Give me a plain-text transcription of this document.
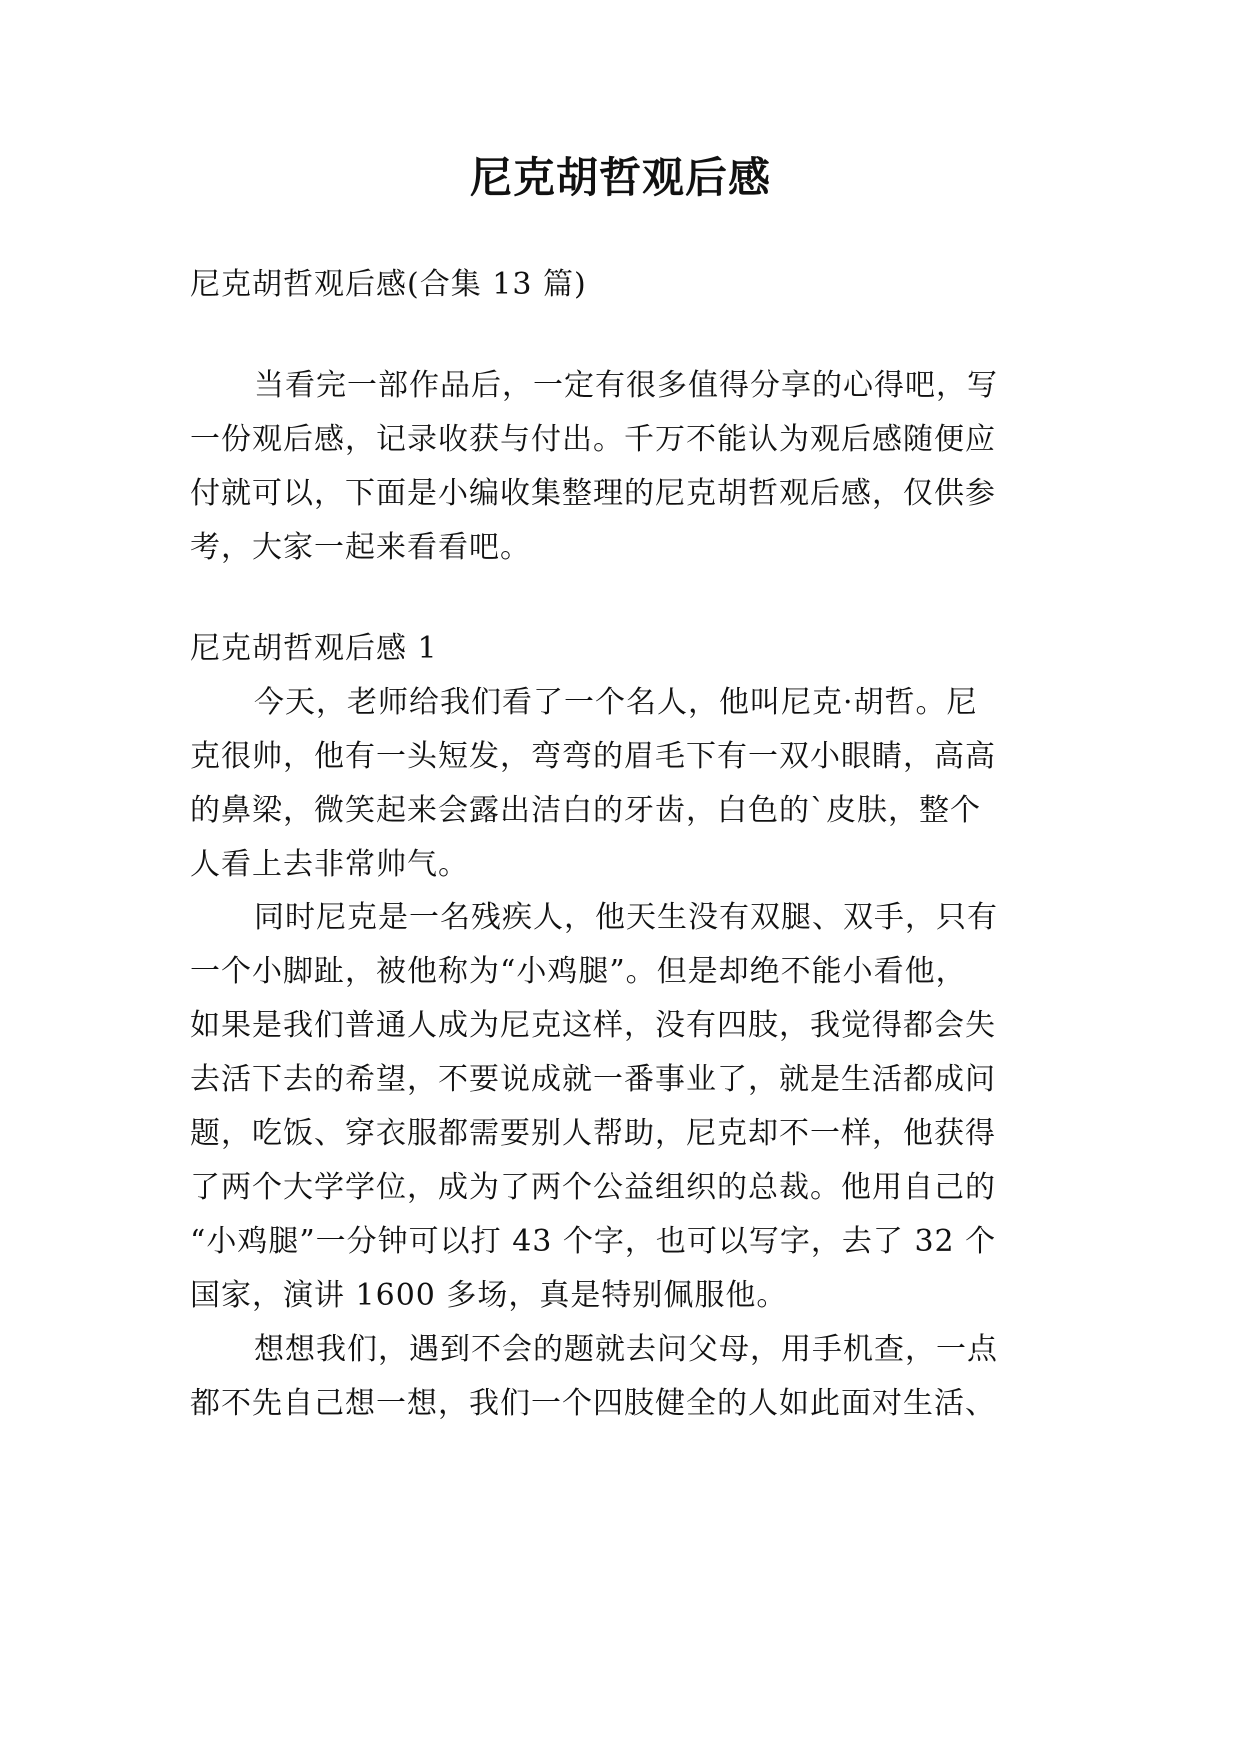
尼克胡哲观后感
尼克胡哲观后感(合集 13 篇)
当看完一部作品后，一定有很多值得分享的心得吧，写
一份观后感，记录收获与付出。千万不能认为观后感随便应
付就可以，下面是小编收集整理的尼克胡哲观后感，仅供参
考，大家一起来看看吧。
尼克胡哲观后感 1
今天，老师给我们看了一个名人，他叫尼克·胡哲。尼
克很帅，他有一头短发，弯弯的眉毛下有一双小眼睛，高高
的鼻梁，微笑起来会露出洁白的牙齿，白色的`皮肤，整个
人看上去非常帅气。
同时尼克是一名残疾人，他天生没有双腿、双手，只有
一个小脚趾，被他称为“小鸡腿”。但是却绝不能小看他，
如果是我们普通人成为尼克这样，没有四肢，我觉得都会失
去活下去的希望，不要说成就一番事业了，就是生活都成问
题，吃饭、穿衣服都需要别人帮助，尼克却不一样，他获得
了两个大学学位，成为了两个公益组织的总裁。他用自己的
“小鸡腿”一分钟可以打 43 个字，也可以写字，去了 32 个
国家，演讲 1600 多场，真是特别佩服他。
想想我们，遇到不会的题就去问父母，用手机查，一点
都不先自己想一想，我们一个四肢健全的人如此面对生活、
